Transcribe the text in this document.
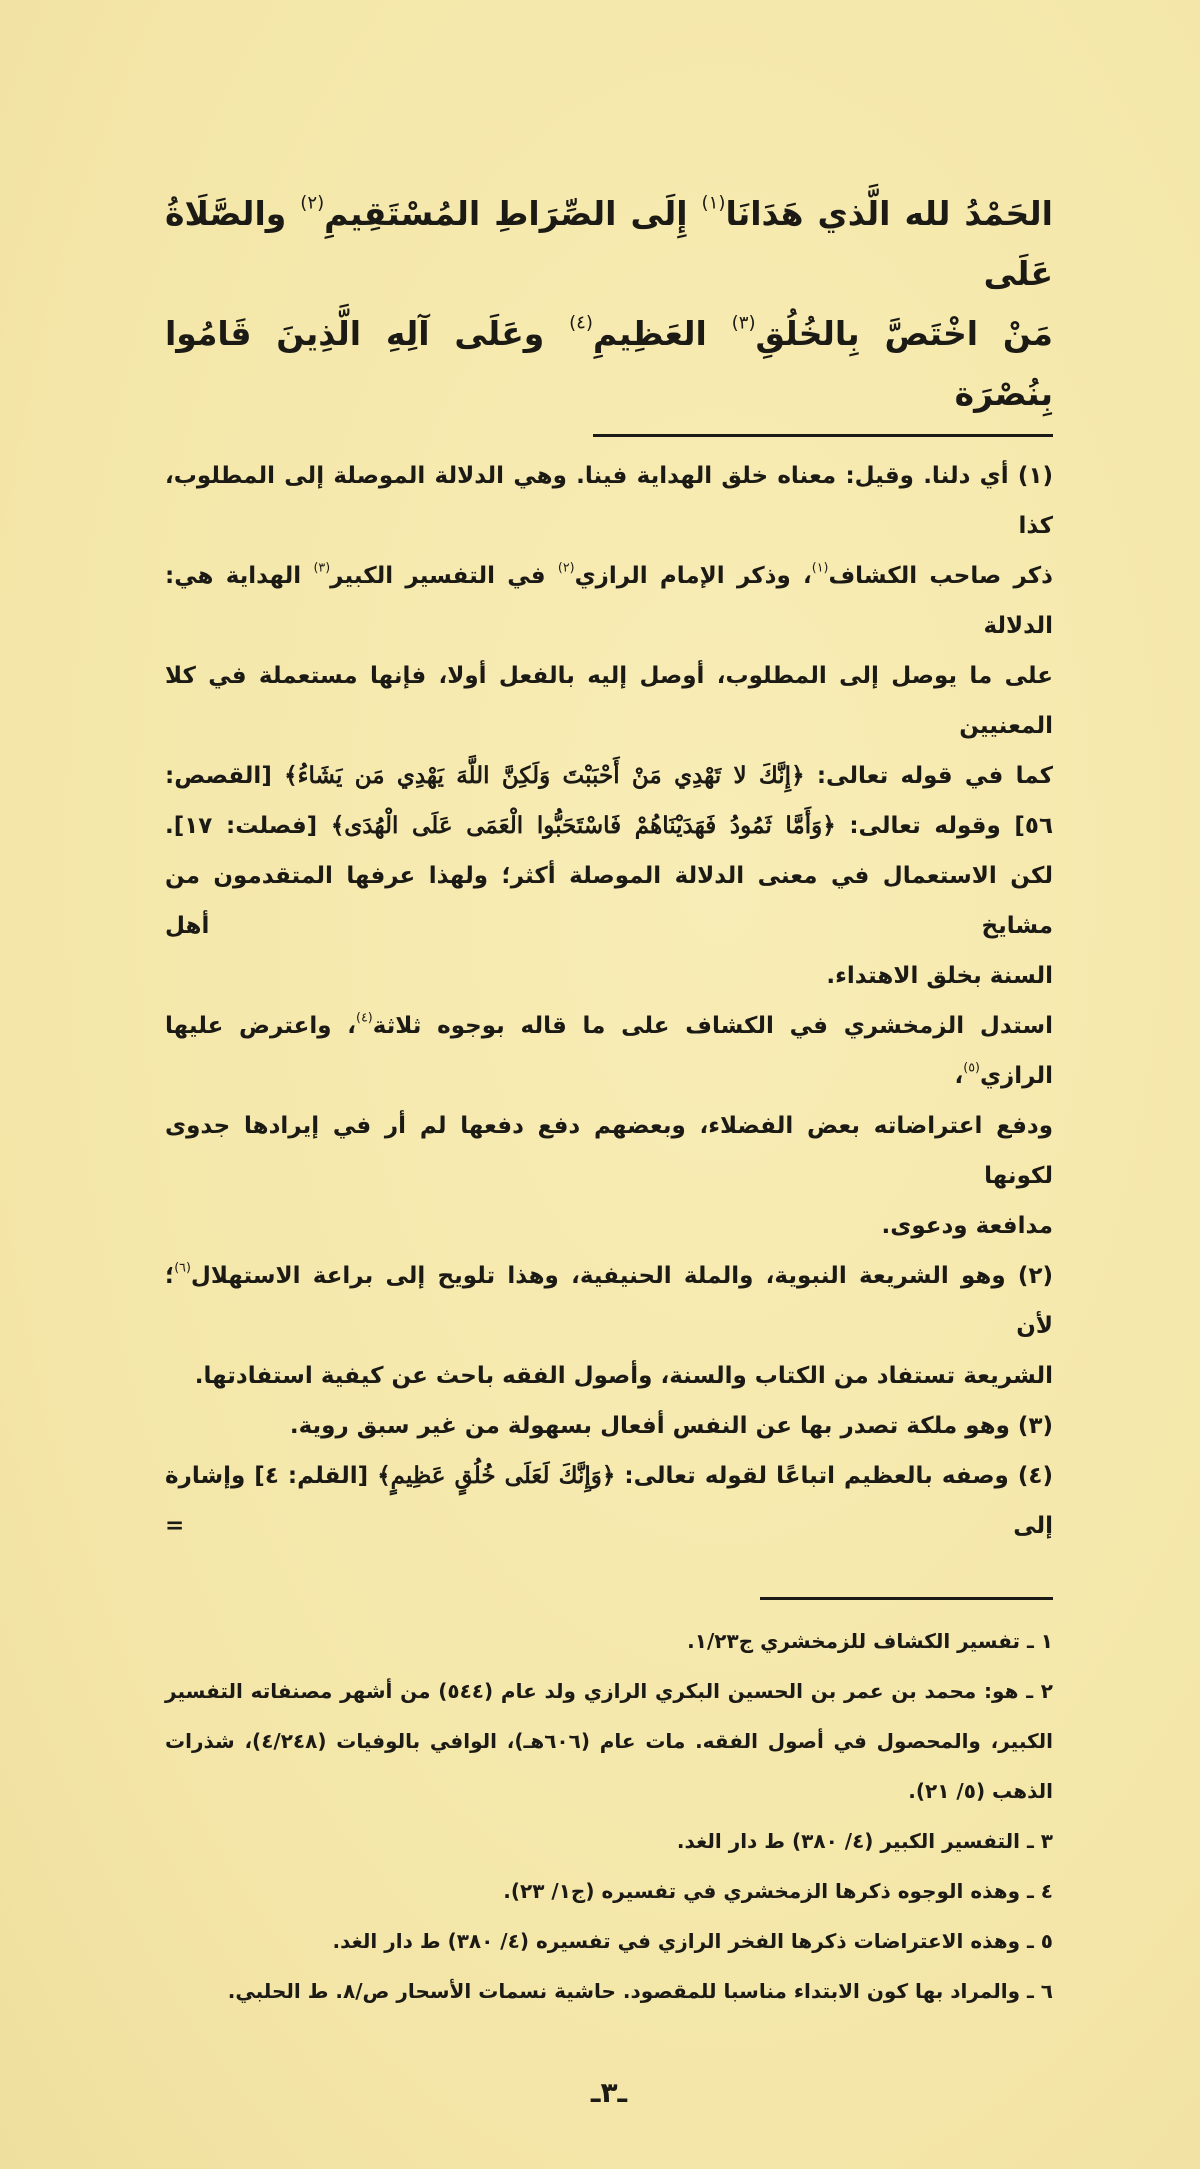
الحَمْدُ لله الَّذي هَدَانَا$^{(١)}$ إِلَى الصِّرَاطِ المُسْتَقِيمِ$^{(٢)}$ والصَّلَاةُ عَلَى
مَنْ اخْتَصَّ بِالخُلُقِ$^{(٣)}$ العَظِيمِ$^{(٤)}$ وعَلَى آلِهِ الَّذِينَ قَامُوا بِنُصْرَة
(١) أي دلنا. وقيل: معناه خلق الهداية فينا. وهي الدلالة الموصلة إلى المطلوب، كذا
ذكر صاحب الكشاف$^{(١)}$، وذكر الإمام الرازي$^{(٢)}$ في التفسير الكبير$^{(٣)}$ الهداية هي: الدلالة
على ما يوصل إلى المطلوب، أوصل إليه بالفعل أولا، فإنها مستعملة في كلا المعنيين
كما في قوله تعالى: ﴿إِنَّكَ لا تَهْدِي مَنْ أَحْبَبْتَ وَلَكِنَّ اللَّهَ يَهْدِي مَن يَشَاءُ﴾ [القصص:
٥٦] وقوله تعالى: ﴿وَأَمَّا ثَمُودُ فَهَدَيْنَاهُمْ فَاسْتَحَبُّوا الْعَمَى عَلَى الْهُدَى﴾ [فصلت: ١٧].
لكن الاستعمال في معنى الدلالة الموصلة أكثر؛ ولهذا عرفها المتقدمون من مشايخ أهل
السنة بخلق الاهتداء.
استدل الزمخشري في الكشاف على ما قاله بوجوه ثلاثة$^{(٤)}$، واعترض عليها الرازي$^{(٥)}$،
ودفع اعتراضاته بعض الفضلاء، وبعضهم دفع دفعها لم أر في إيرادها جدوى لكونها
مدافعة ودعوى.
(٢) وهو الشريعة النبوية، والملة الحنيفية، وهذا تلويح إلى براعة الاستهلال$^{(٦)}$؛ لأن
الشريعة تستفاد من الكتاب والسنة، وأصول الفقه باحث عن كيفية استفادتها.
(٣) وهو ملكة تصدر بها عن النفس أفعال بسهولة من غير سبق روية.
(٤) وصفه بالعظيم اتباعًا لقوله تعالى: ﴿وَإِنَّكَ لَعَلَى خُلُقٍ عَظِيمٍ﴾ [القلم: ٤] وإشارة إلى =
١ ـ تفسير الكشاف للزمخشري ج١/٢٣.
٢ ـ هو: محمد بن عمر بن الحسين البكري الرازي ولد عام (٥٤٤) من أشهر مصنفاته التفسير
الكبير، والمحصول في أصول الفقه. مات عام (٦٠٦هـ)، الوافي بالوفيات (٤/٢٤٨)، شذرات
الذهب (٥/ ٢١).
٣ ـ التفسير الكبير (٤/ ٣٨٠) ط دار الغد.
٤ ـ وهذه الوجوه ذكرها الزمخشري في تفسيره (ج١/ ٢٣).
٥ ـ وهذه الاعتراضات ذكرها الفخر الرازي في تفسيره (٤/ ٣٨٠) ط دار الغد.
٦ ـ والمراد بها كون الابتداء مناسبا للمقصود. حاشية نسمات الأسحار ص/٨. ط الحلبي.
ـ٣ـ
